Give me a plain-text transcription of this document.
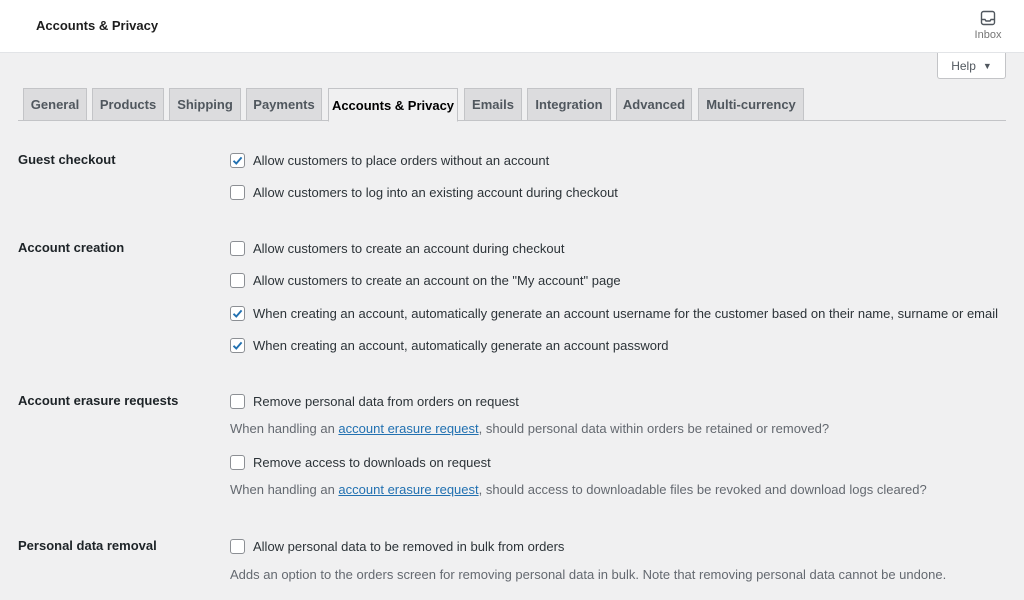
Accounts & Privacy
Inbox
Help ▼
General Products Shipping Payments Accounts & Privacy Emails Integration Advanced Multi-currency
Guest checkout	Allow customers to place orders without an account
Allow customers to log into an existing account during checkout
Account creation	Allow customers to create an account during checkout
Allow customers to create an account on the "My account" page
When creating an account, automatically generate an account username for the customer based on their name, surname or email
When creating an account, automatically generate an account password
Account erasure requests	Remove personal data from orders on request
When handling an account erasure request, should personal data within orders be retained or removed?
Remove access to downloads on request
When handling an account erasure request, should access to downloadable files be revoked and download logs cleared?
Personal data removal	Allow personal data to be removed in bulk from orders
Adds an option to the orders screen for removing personal data in bulk. Note that removing personal data cannot be undone.
